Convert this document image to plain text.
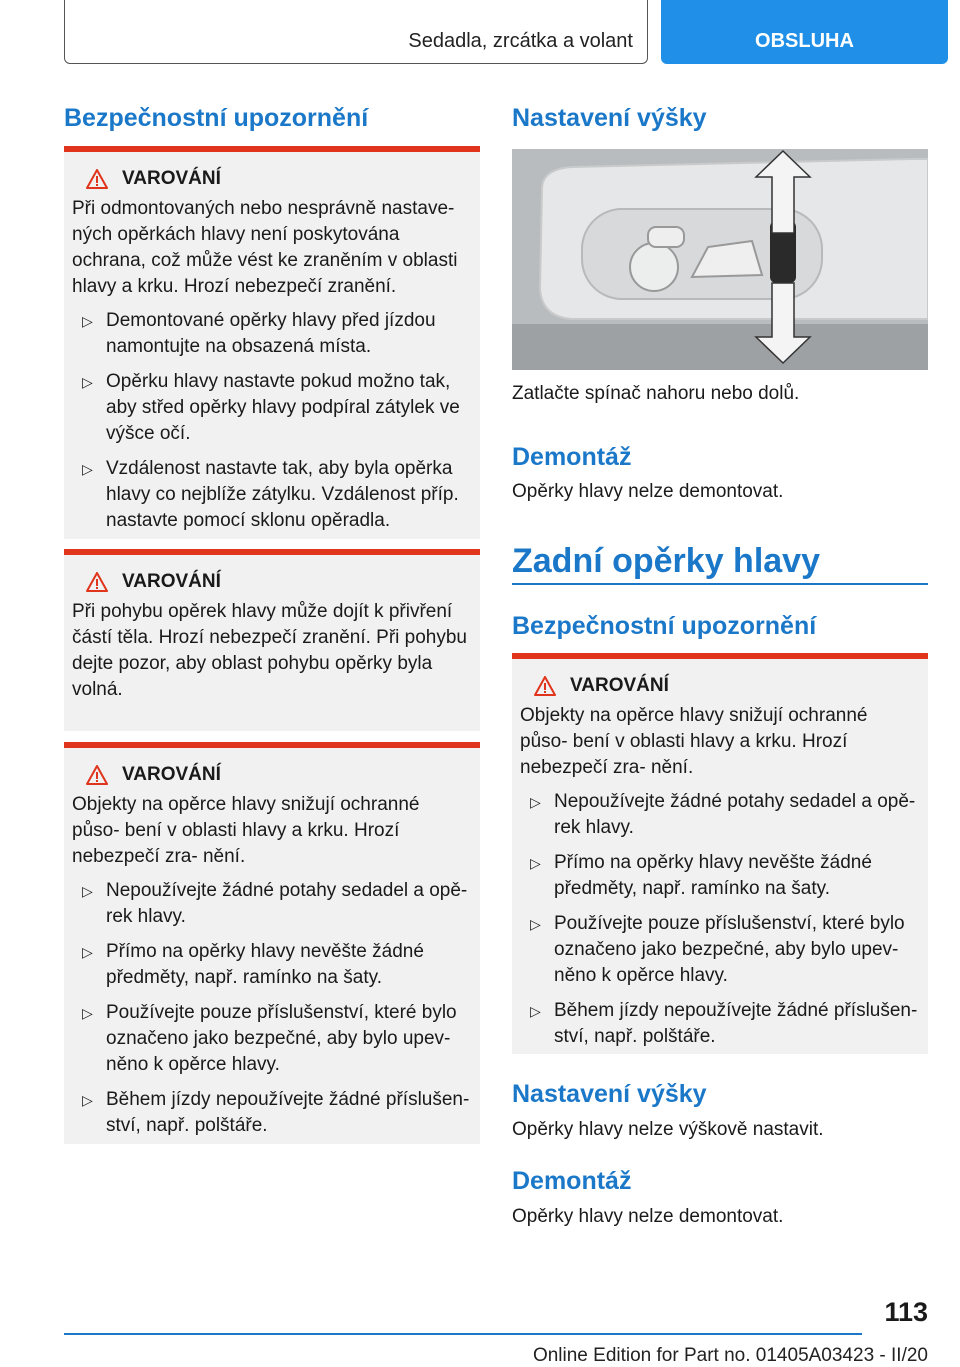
Sedadla, zrcátka a volant	OBSLUHA
Bezpečnostní upozornění
VAROVÁNÍ

Při odmontovaných nebo nesprávně nastave- ných opěrkách hlavy není poskytována ochrana, což může vést ke zraněním v oblasti hlavy a krku. Hrozí nebezpečí zranění.

▷ Demontované opěrky hlavy před jízdou namontujte na obsazená místa.
▷ Opěrku hlavy nastavte pokud možno tak, aby střed opěrky hlavy podpíral zátylek ve výšce očí.
▷ Vzdálenost nastavte tak, aby byla opěrka hlavy co nejblíže zátylku. Vzdálenost příp. nastavte pomocí sklonu opěradla.
VAROVÁNÍ

Při pohybu opěrek hlavy může dojít k přivření částí těla. Hrozí nebezpečí zranění. Při pohybu dejte pozor, aby oblast pohybu opěrky byla volná.

VAROVÁNÍ

Objekty na opěrce hlavy snižují ochranné půso- bení v oblasti hlavy a krku. Hrozí nebezpečí zra- nění.

▷ Nepoužívejte žádné potahy sedadel a opě- rek hlavy.
▷ Přímo na opěrky hlavy nevěšte žádné předměty, např. ramínko na šaty.
▷ Používejte pouze příslušenství, které bylo označeno jako bezpečné, aby bylo upev- něno k opěrce hlavy.
▷ Během jízdy nepoužívejte žádné příslušen- ství, např. polštáře.
Nastavení výšky

Zatlačte spínač nahoru nebo dolů.

Demontáž

Opěrky hlavy nelze demontovat.

Zadní opěrky hlavy
Bezpečnostní upozornění
VAROVÁNÍ

Objekty na opěrce hlavy snižují ochranné půso- bení v oblasti hlavy a krku. Hrozí nebezpečí zra- nění.

▷ Nepoužívejte žádné potahy sedadel a opě- rek hlavy.
▷ Přímo na opěrky hlavy nevěšte žádné předměty, např. ramínko na šaty.
▷ Používejte pouze příslušenství, které bylo označeno jako bezpečné, aby bylo upev- něno k opěrce hlavy.
▷ Během jízdy nepoužívejte žádné příslušen- ství, např. polštáře.
Nastavení výšky

Opěrky hlavy nelze výškově nastavit.

Demontáž

Opěrky hlavy nelze demontovat.

113
Online Edition for Part no. 01405A03423 - II/20
